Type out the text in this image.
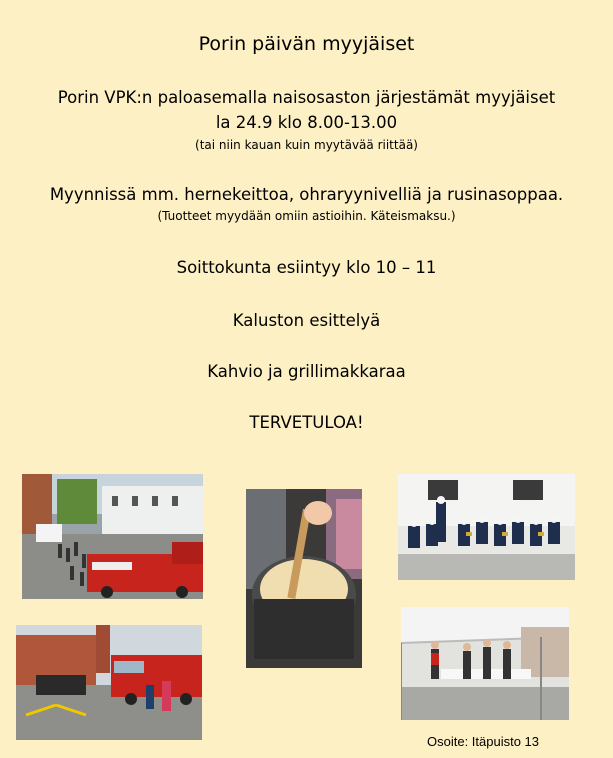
Porin päivän myyjäiset
Porin VPK:n paloasemalla naisosaston järjestämät myyjäiset
la 24.9 klo 8.00-13.00
(tai niin kauan kuin myytävää riittää)
Myynnissä mm. hernekeittoa, ohraryynivelliä ja rusinasoppaa.
(Tuotteet myydään omiin astioihin. Käteismaksu.)
Soittokunta esiintyy klo 10 – 11
Kaluston esittelyä
Kahvio ja grillimakkaraa
TERVETULOA!
Osoite: Itäpuisto 13
